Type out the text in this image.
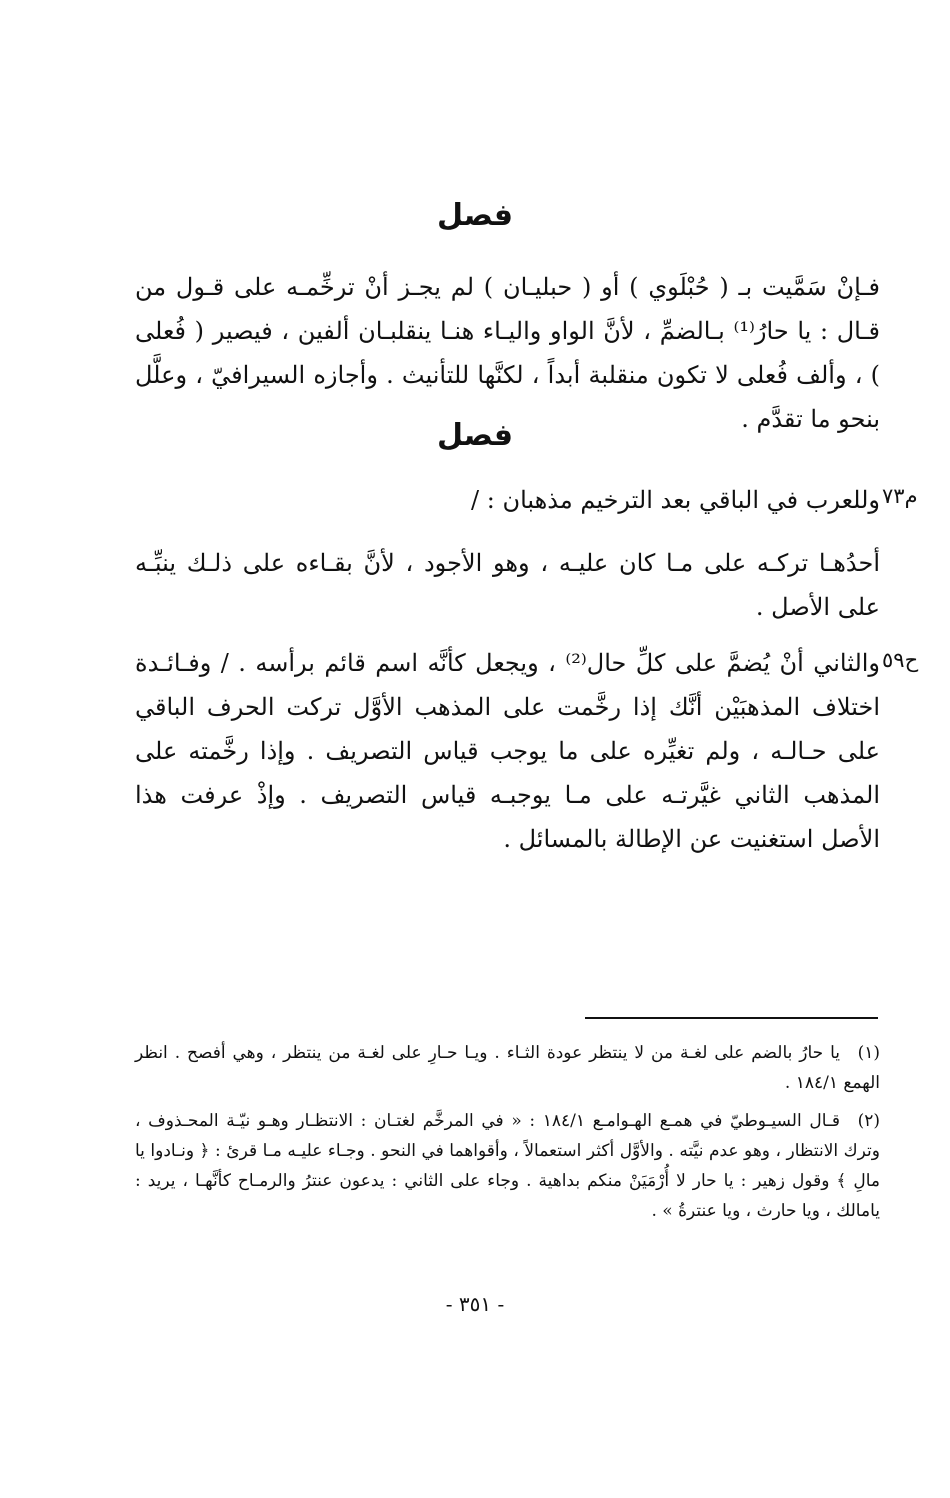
فصل
فـإنْ سَمَّيت بـ ( حُبْلَوي ) أو ( حبليـان ) لم يجـز أنْ ترخِّمـه على قـول من قـال : يا حارُ⁽¹⁾ بـالضمِّ ، لأنَّ الواو واليـاء هنـا ينقلبـان ألفين ، فيصير ( فُعلى ) ، وألف فُعلى لا تكون منقلبة أبداً ، لكنَّها للتأنيث . وأجازه السيرافيّ ، وعلَّل بنحو ما تقدَّم .
فصل
وللعرب في الباقي بعد الترخيم مذهبان : / م٧٣
أحدُهـا تركـه على مـا كان عليـه ، وهو الأجود ، لأنَّ بقـاءه على ذلـك ينبِّـه على الأصل .
والثاني أنْ يُضمَّ على كلِّ حال⁽²⁾ ، ويجعل كأنَّه اسم قائم برأسه . / وفـائـدة اختلاف المذهبَيْن أنَّك إذا رخَّمت على المذهب الأوَّل تركت الحرف الباقي على حـالـه ، ولم تغيِّره على ما يوجب قياس التصريف . وإذا رخَّمته على المذهب الثاني غيَّرتـه على مـا يوجبـه قياس التصريف . وإذْ عرفت هذا الأصل استغنيت عن الإطالة بالمسائل .
ح٥٩
(١)يا حارُ بالضم على لغـة من لا ينتظر عودة الثـاء . ويـا حـارِ على لغـة من ينتظر ، وهي أفصح . انظر الهمع ١٨٤/١ .
(٢)قـال السيـوطيّ في همـع الهـوامـع ١٨٤/١ : « في المرخَّم لغتـان : الانتظـار وهـو نيّـة المحـذوف ، وترك الانتظار ، وهو عدم نيَّته . والأوَّل أكثر استعمالاً ، وأقواهما في النحو . وجـاء عليـه مـا قرئ : ﴿ ونـادوا يا مالِ ﴾ وقول زهير : يا حار لا أُرْمَيَنْ منكم بداهية . وجاء على الثاني : يدعون عنترُ والرمـاح كأنَّهـا ، يريد : يامالك ، ويا حارث ، ويا عنترةُ » .
- ٣٥١ -
